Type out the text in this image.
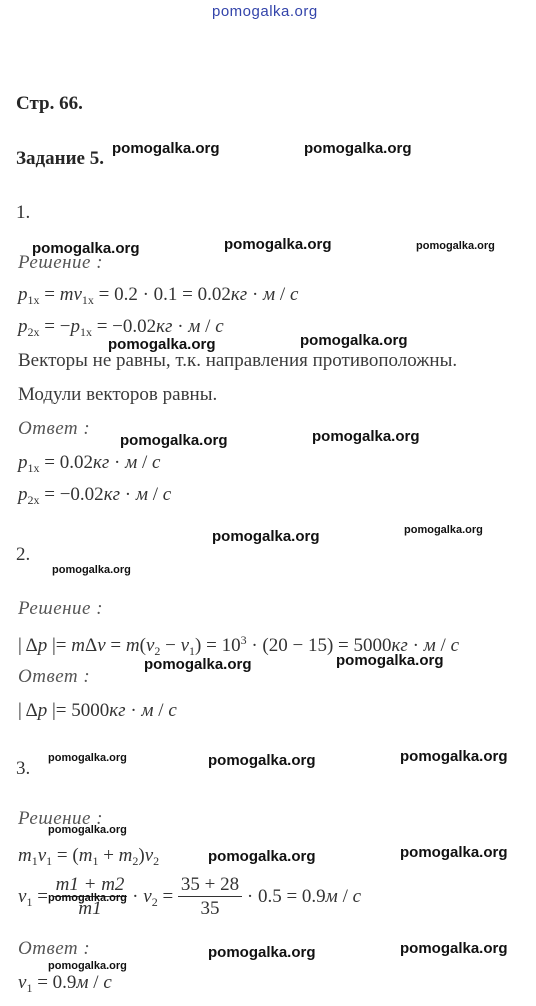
pomogalka.org
Стр. 66.
Задание 5.
1.
Решение :
$p_{1x} = mv_{1x} = 0.2 \cdot 0.1 = 0.02кг \cdot м / с$
$p_{2x} = -p_{1x} = -0.02кг \cdot м / с$
Векторы не равны, т.к. направления противоположны.
Модули векторов равны.
Ответ :
$p_{1x} = 0.02кг \cdot м / с$
$p_{2x} = -0.02кг \cdot м / с$
2.
Решение :
| Δp |= $m\Delta v = m(v_2 - v_1) = 10^3 \cdot (20 - 15) = 5000кг \cdot м / с$
Ответ :
| Δp |= 5000кг · м / с
3.
Решение :
$m_1v_1 = (m_1 + m_2)v_2$
$v_1 = \frac{m1 + m2}{m1} \cdot v_2 = \frac{35 + 28}{35} \cdot 0.5 = 0.9м / с$
Ответ :
$v_1 = 0.9м / с$
pomogalka.org	pomogalka.org
pomogalka.org	pomogalka.org	pomogalka.org
pomogalka.org	pomogalka.org
pomogalka.org	pomogalka.org
pomogalka.org	pomogalka.org
pomogalka.org
pomogalka.org	pomogalka.org
pomogalka.org	pomogalka.org	pomogalka.org
pomogalka.org
pomogalka.org	pomogalka.org
pomogalka.org
pomogalka.org	pomogalka.org
pomogalka.org
